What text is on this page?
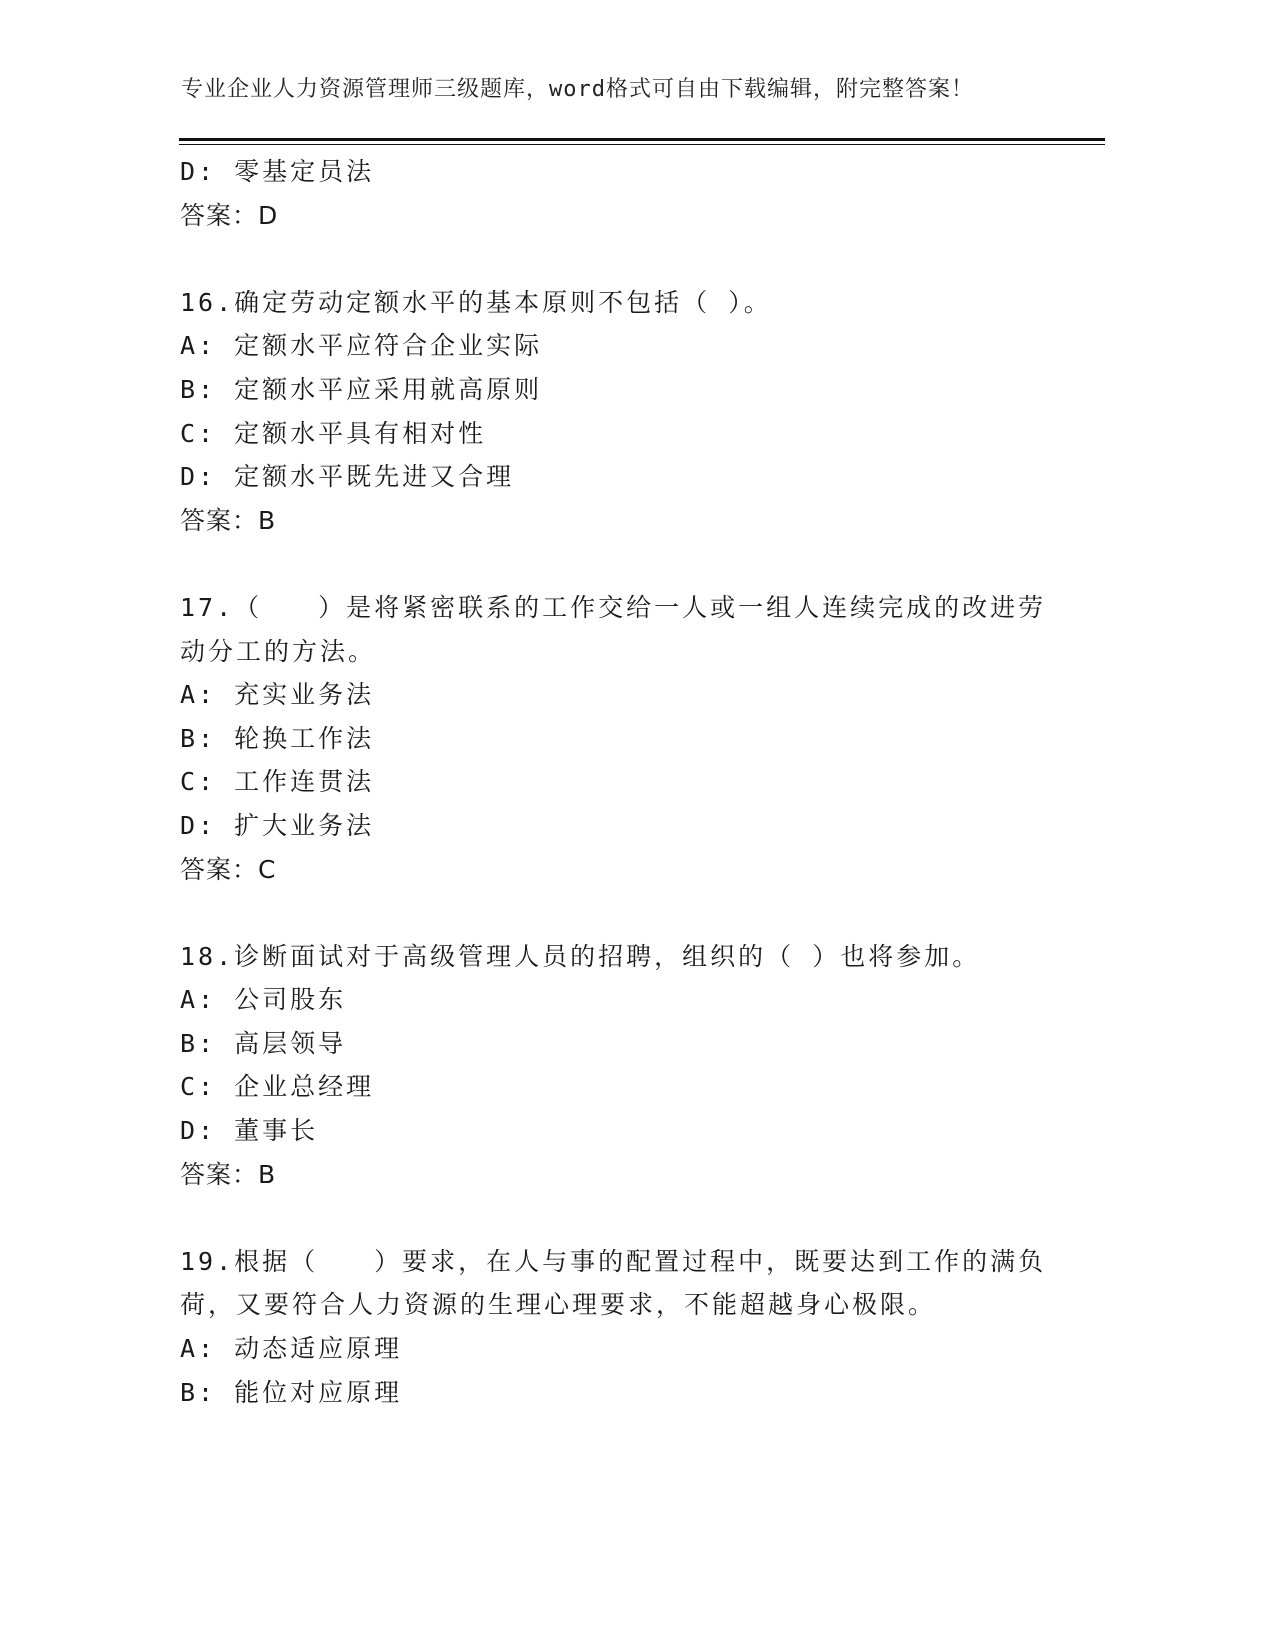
专业企业人力资源管理师三级题库，word格式可自由下载编辑，附完整答案！
D: 零基定员法
答案：D
16.确定劳动定额水平的基本原则不包括（ ）。
A: 定额水平应符合企业实际
B: 定额水平应采用就高原则
C: 定额水平具有相对性
D: 定额水平既先进又合理
答案：B
17.（　　）是将紧密联系的工作交给一人或一组人连续完成的改进劳
动分工的方法。
A: 充实业务法
B: 轮换工作法
C: 工作连贯法
D: 扩大业务法
答案：C
18.诊断面试对于高级管理人员的招聘，组织的（ ）也将参加。
A: 公司股东
B: 高层领导
C: 企业总经理
D: 董事长
答案：B
19.根据（　　）要求，在人与事的配置过程中，既要达到工作的满负
荷，又要符合人力资源的生理心理要求，不能超越身心极限。
A: 动态适应原理
B: 能位对应原理
